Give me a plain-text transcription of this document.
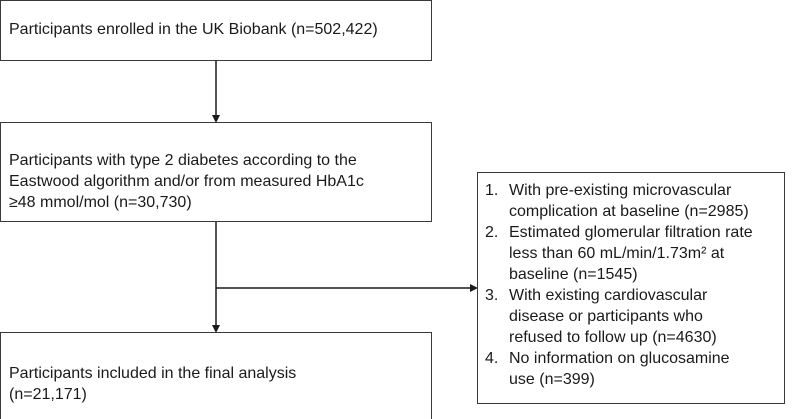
Participants enrolled in the UK Biobank (n=502,422)
Participants with type 2 diabetes according to the
Eastwood algorithm and/or from measured HbA1c
≥48 mmol/mol (n=30,730)
Participants included in the final analysis
(n=21,171)
1. With pre-existing microvascular
complication at baseline (n=2985)
2. Estimated glomerular filtration rate
less than 60 mL/min/1.73m² at
baseline (n=1545)
3. With existing cardiovascular
disease or participants who
refused to follow up (n=4630)
4. No information on glucosamine
use (n=399)
